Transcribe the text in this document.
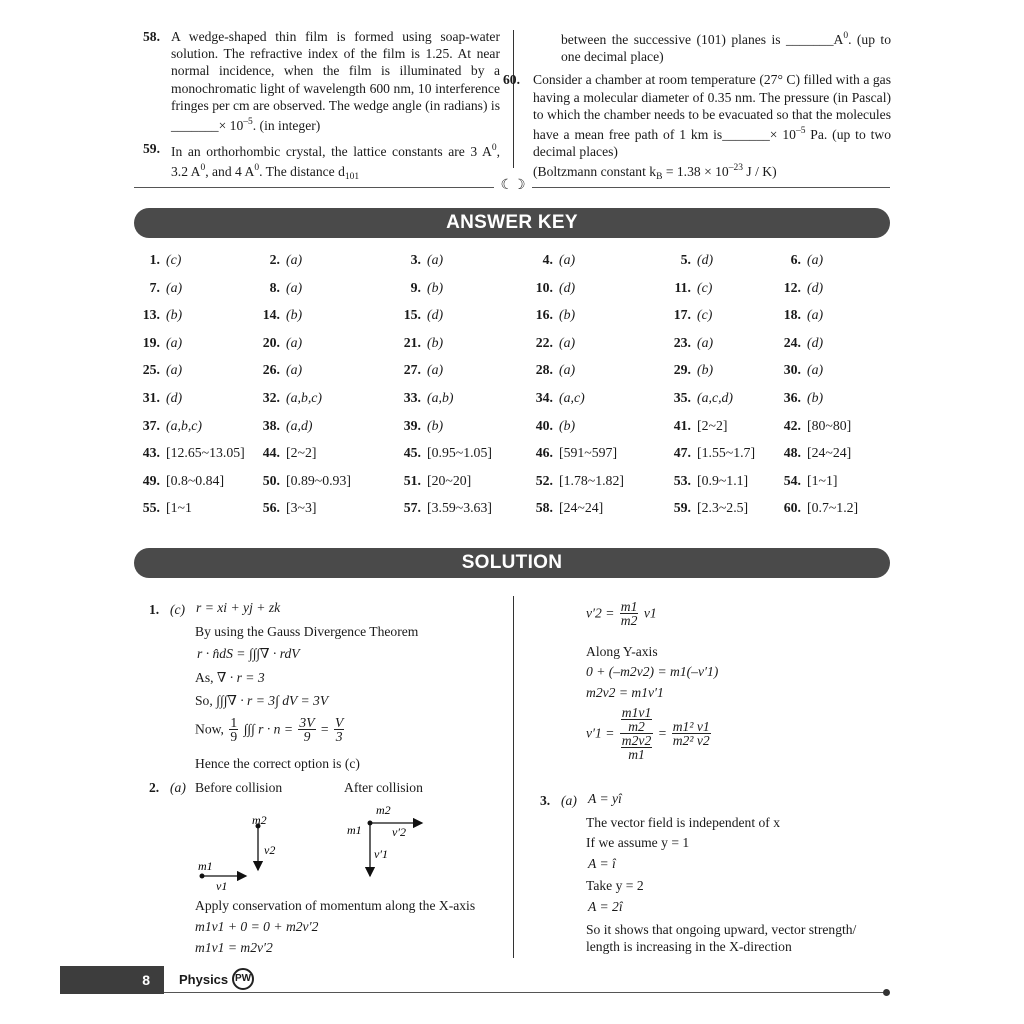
58. A wedge-shaped thin film is formed using soap-water solution. The refractive index of the film is 1.25. At near normal incidence, when the film is illuminated by a monochromatic light of wavelength 600 nm, 10 interference fringes per cm are observed. The wedge angle (in radians) is _______× $10^{-5}$. (in integer)
59. In an orthorhombic crystal, the lattice constants are 3 $A^0$, 3.2 $A^0$, and 4 $A^0$. The distance $d_{101}$
between the successive (101) planes is $\_\_\_\_\_\_\_A^0$. (up to one decimal place)
60. Consider a chamber at room temperature (27° C) filled with a gas having a molecular diameter of 0.35 nm. The pressure (in Pascal) to which the chamber needs to be evacuated so that the molecules have a mean free path of 1 km is_______× $10^{-5}$ Pa. (up to two decimal places)
(Boltzmann constant $k_B = 1.38 \times 10^{-23}$ J / K)
☾☽
ANSWER KEY
1. (c)	2. (a)	3. (a)	4. (a)	5. (d)	6. (a)
7. (a)	8. (a)	9. (b)	10. (d)	11. (c)	12. (d)
13. (b)	14. (b)	15. (d)	16. (b)	17. (c)	18. (a)
19. (a)	20. (a)	21. (b)	22. (a)	23. (a)	24. (d)
25. (a)	26. (a)	27. (a)	28. (a)	29. (b)	30. (a)
31. (d)	32. (a,b,c)	33. (a,b)	34. (a,c)	35. (a,c,d)	36. (b)
37. (a,b,c)	38. (a,d)	39. (b)	40. (b)	41. [2~2]	42. [80~80]
43. [12.65~13.05]	44. [2~2]	45. [0.95~1.05]	46. [591~597]	47. [1.55~1.7]	48. [24~24]
49. [0.8~0.84]	50. [0.89~0.93]	51. [20~20]	52. [1.78~1.82]	53. [0.9~1.1]	54. [1~1]
55. [1~1	56. [3~3]	57. [3.59~3.63]	58. [24~24]	59. [2.3~2.5]	60. [0.7~1.2]
SOLUTION
1. (c) r = xi + yj + zk
By using the Gauss Divergence Theorem
r · n̂dS = ∫∫∫∇ · rdV
As, ∇ · r = 3
So, ∫∫∫∇ · r = 3∫ dV = 3V
Now, $\frac{1}{9}$ ∫∫∫ $r \cdot n = \frac{3V}{9} = \frac{V}{3}$
Hence the correct option is (c)
2. (a) Before collision	After collision
m2
v2
m1
v1
m2
m1	v′2
v′1
Apply conservation of momentum along the X-axis
m1v1 + 0 = 0 + m2v′2
m1v1 = m2v′2
$v'2 = \frac{m1}{m2} v1$
Along Y-axis
0 + (–m2v2) = m1(–v′1)
m2v2 = m1v′1
$v'1 = \frac{\frac{m1v1}{m2}}{\frac{m2v2}{m1}} = \frac{\text{m1² v1}}{\text{m2² v2}}$
3. (a) A = yî
The vector field is independent of x
If we assume y = 1
A = î
Take y = 2
A = 2î
So it shows that ongoing upward, vector strength/
length is increasing in the X-direction
8	Physics PW
